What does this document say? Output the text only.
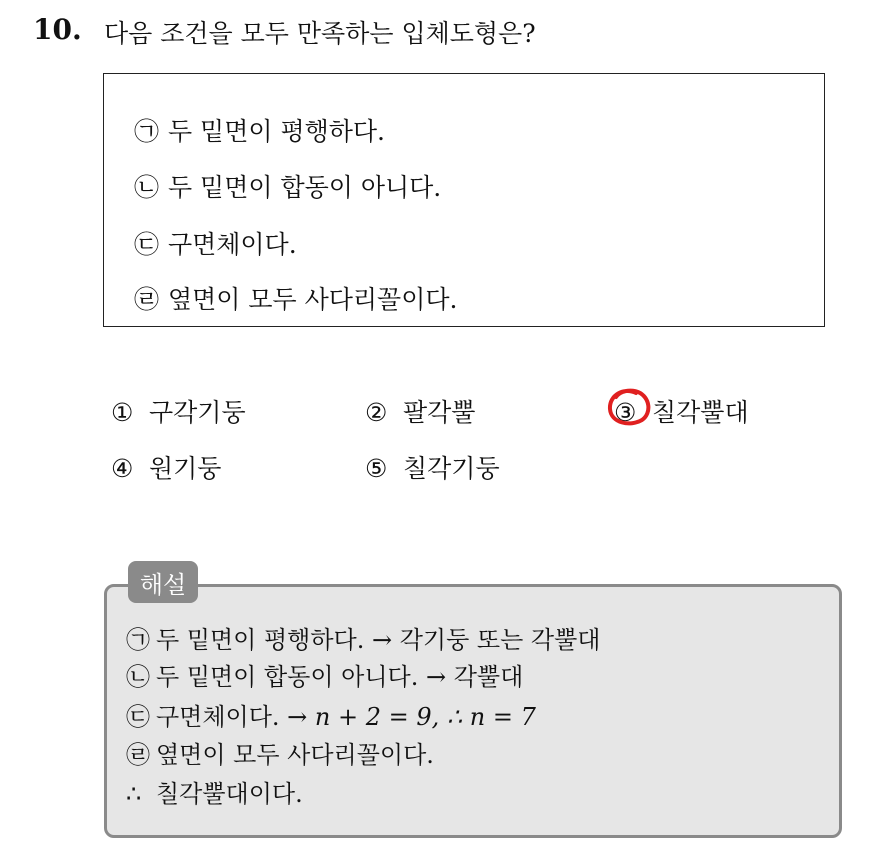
10. 다음 조건을 모두 만족하는 입체도형은?
㉠ 두 밑면이 평행하다.
㉡ 두 밑면이 합동이 아니다.
㉢ 구면체이다.
㉣ 옆면이 모두 사다리꼴이다.
① 구각기둥	② 팔각뿔	③ 칠각뿔대
④ 원기둥	⑤ 칠각기둥
해설
㉠ 두 밑면이 평행하다. → 각기둥 또는 각뿔대
㉡ 두 밑면이 합동이 아니다. → 각뿔대
㉢ 구면체이다. → n + 2 = 9, ∴ n = 7
㉣ 옆면이 모두 사다리꼴이다.
∴ 칠각뿔대이다.
